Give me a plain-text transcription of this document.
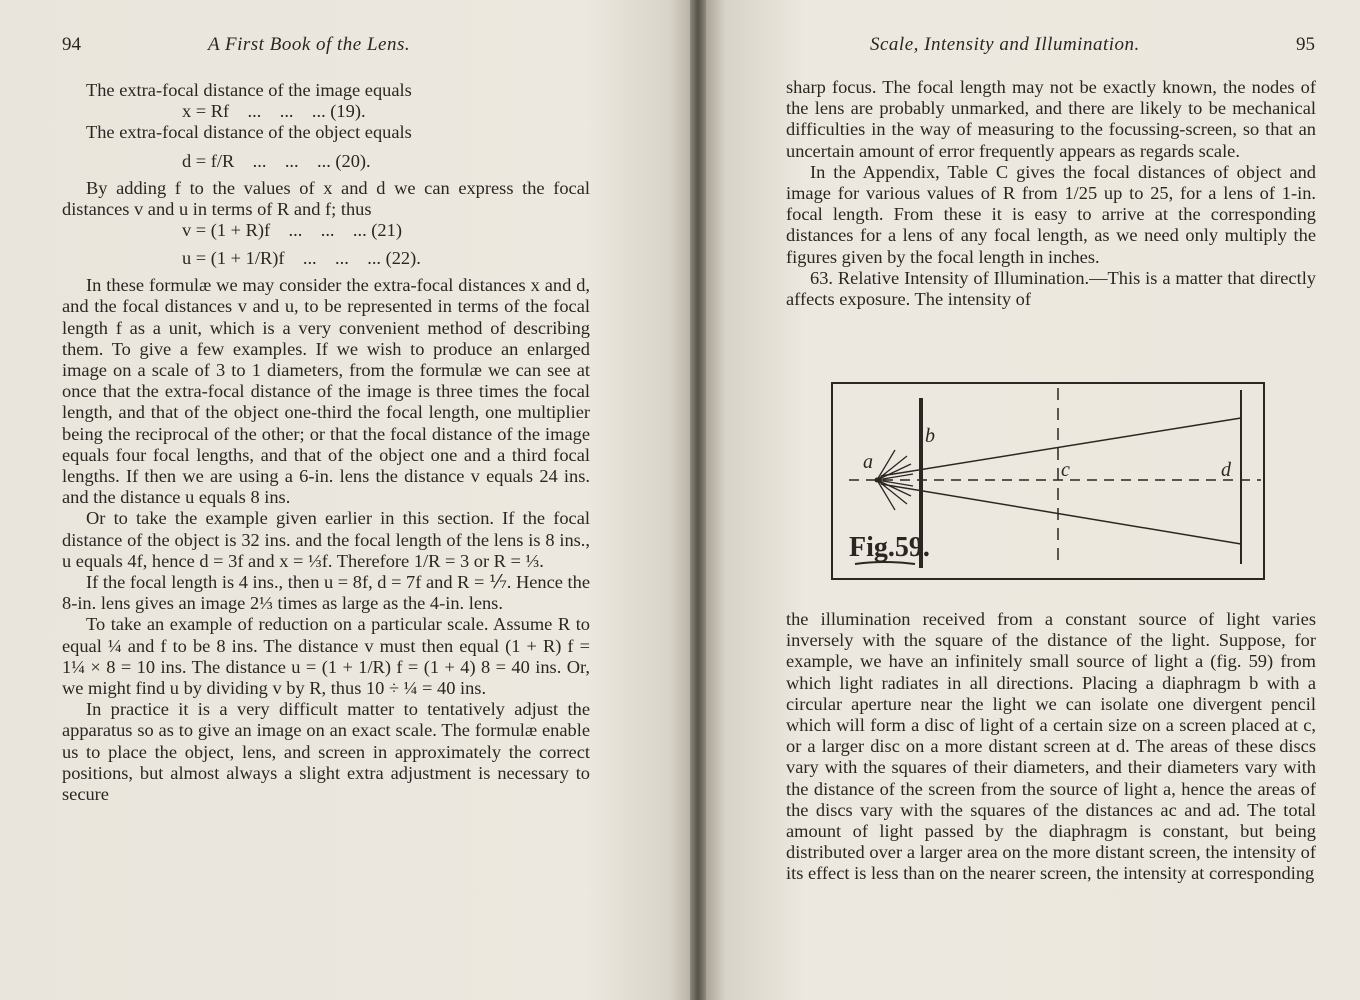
94	A First Book of the Lens.

The extra-focal distance of the image equals

x = Rf    ...    ...    ... (19).

The extra-focal distance of the object equals

d = f/R    ...    ...    ... (20).

By adding f to the values of x and d we can express the focal distances v and u in terms of R and f; thus

v = (1 + R)f    ...    ...    ... (21)

u = (1 + 1/R)f    ...    ...    ... (22).

In these formulæ we may consider the extra-focal distances x and d, and the focal distances v and u, to be represented in terms of the focal length f as a unit, which is a very convenient method of describing them. To give a few examples. If we wish to produce an enlarged image on a scale of 3 to 1 diameters, from the formulæ we can see at once that the extra-focal distance of the image is three times the focal length, and that of the object one-third the focal length, one multiplier being the reciprocal of the other; or that the focal distance of the image equals four focal lengths, and that of the object one and a third focal lengths. If then we are using a 6-in. lens the distance v equals 24 ins. and the distance u equals 8 ins.

Or to take the example given earlier in this section. If the focal distance of the object is 32 ins. and the focal length of the lens is 8 ins., u equals 4f, hence d = 3f and x = ⅓f. Therefore 1/R = 3 or R = ⅓.

If the focal length is 4 ins., then u = 8f, d = 7f and R = ⅐. Hence the 8-in. lens gives an image 2⅓ times as large as the 4-in. lens.

To take an example of reduction on a particular scale. Assume R to equal ¼ and f to be 8 ins. The distance v must then equal (1 + R) f = 1¼ × 8 = 10 ins. The distance u = (1 + 1/R) f = (1 + 4) 8 = 40 ins. Or, we might find u by dividing v by R, thus 10 ÷ ¼ = 40 ins.

In practice it is a very difficult matter to tentatively adjust the apparatus so as to give an image on an exact scale. The formulæ enable us to place the object, lens, and screen in approximately the correct positions, but almost always a slight extra adjustment is necessary to secure

Scale, Intensity and Illumination.	95

sharp focus. The focal length may not be exactly known, the nodes of the lens are probably unmarked, and there are likely to be mechanical difficulties in the way of measuring to the focussing-screen, so that an uncertain amount of error frequently appears as regards scale.

In the Appendix, Table C gives the focal distances of object and image for various values of R from 1/25 up to 25, for a lens of 1-in. focal length. From these it is easy to arrive at the corresponding distances for a lens of any focal length, as we need only multiply the figures given by the focal length in inches.

63. Relative Intensity of Illumination.—This is a matter that directly affects exposure. The intensity of

the illumination received from a constant source of light varies inversely with the square of the distance of the light. Suppose, for example, we have an infinitely small source of light a (fig. 59) from which light radiates in all directions. Placing a diaphragm b with a circular aperture near the light we can isolate one divergent pencil which will form a disc of light of a certain size on a screen placed at c, or a larger disc on a more distant screen at d. The areas of these discs vary with the squares of their diameters, and their diameters vary with the distance of the screen from the source of light a, hence the areas of the discs vary with the squares of the distances ac and ad. The total amount of light passed by the diaphragm is constant, but being distributed over a larger area on the more distant screen, the intensity of its effect is less than on the nearer screen, the intensity at corresponding

a
b
c	d
Fig.59.
